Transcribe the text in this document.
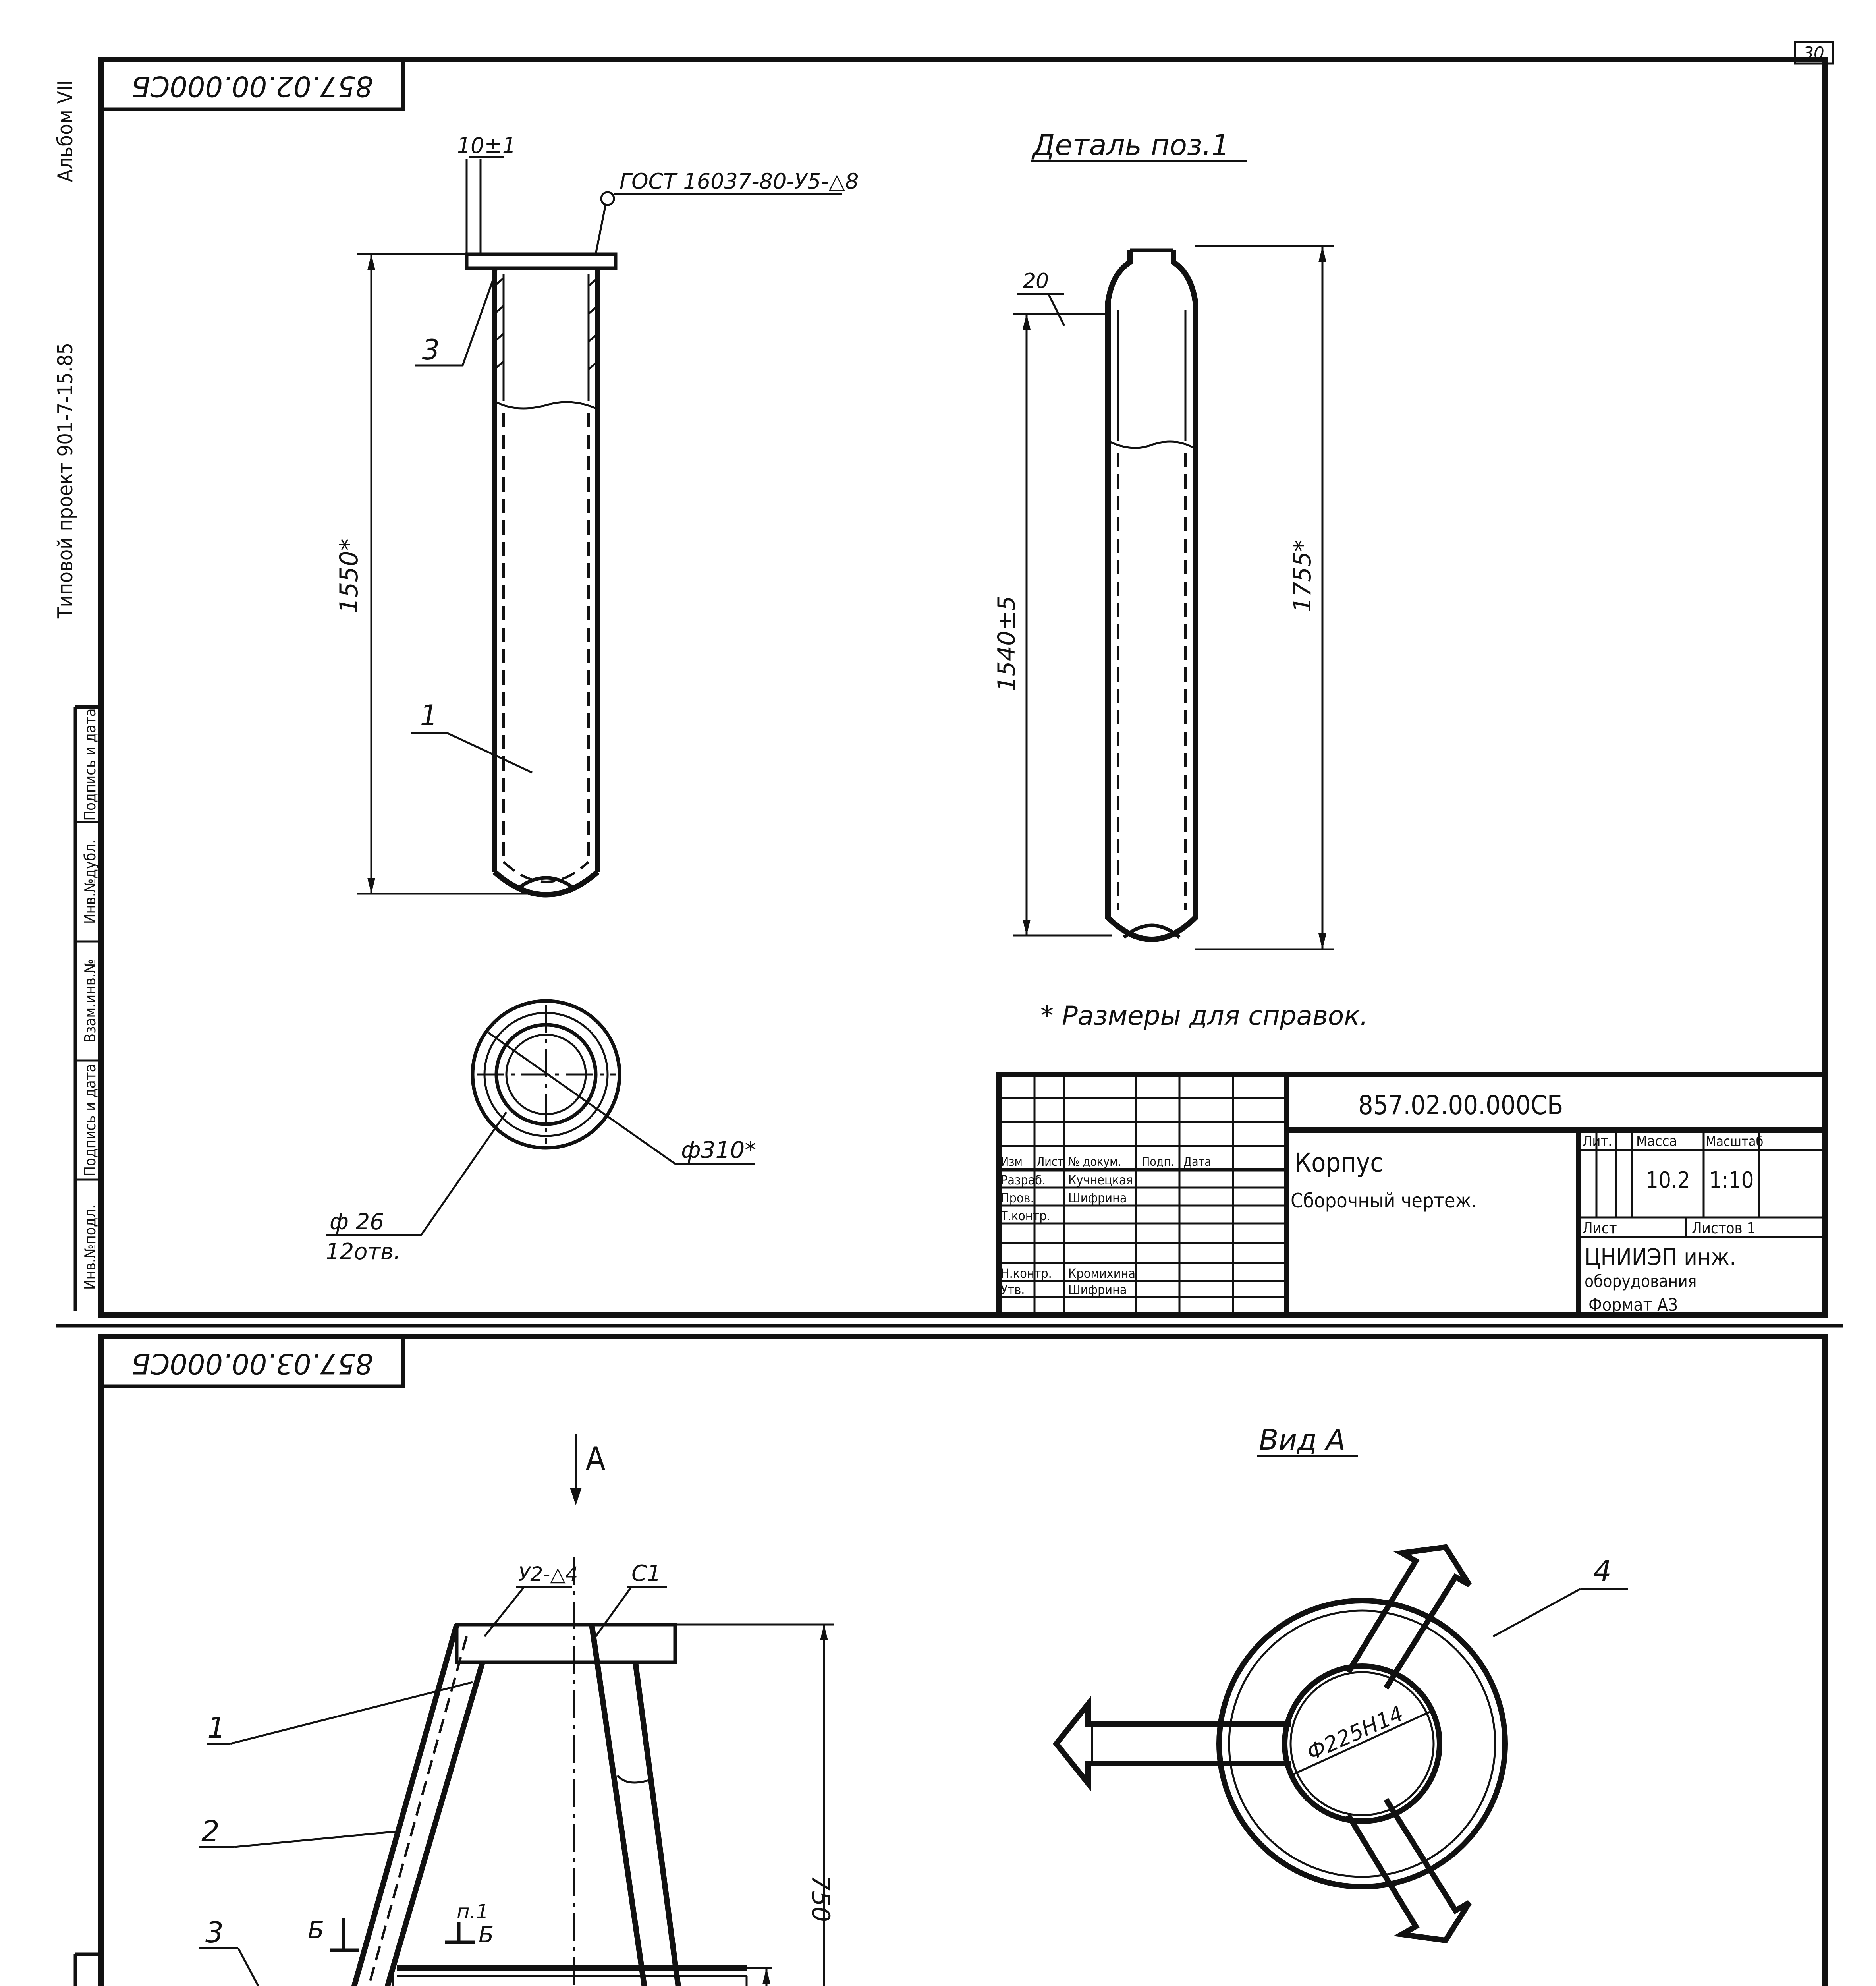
30
Альбом VII
Типовой проект 901-7-15.85
Инв.№подл.
Подпись и дата
Взам.инв.№
Инв.№дубл.
Подпись и дата
857.02.00.000СБ
1550*
10±1
ГОСТ 16037-80-У5-△8
3
1
ф310*
ф 26
12отв.
Деталь поз.1
1540±5
1755*
20
* Размеры для справок.
857.02.00.000СБ
Корпус
Сборочный чертеж.
Изм Лист № докум. Подп. Дата
Разраб. Кучнецкая
Пров.	Шифрина
Т.контр.
Н.контр. Кромихина
Утв.	Шифрина
Лит. Масса Масштаб
10.2 1:10
Лист	Листов 1
ЦНИИЭП инж.
оборудования
Формат А3
857.03.00.000СБ
А
750
У2-△4 С1
1
2
3	Б
п.1
Б
Вид А
Ф225Н14
4
